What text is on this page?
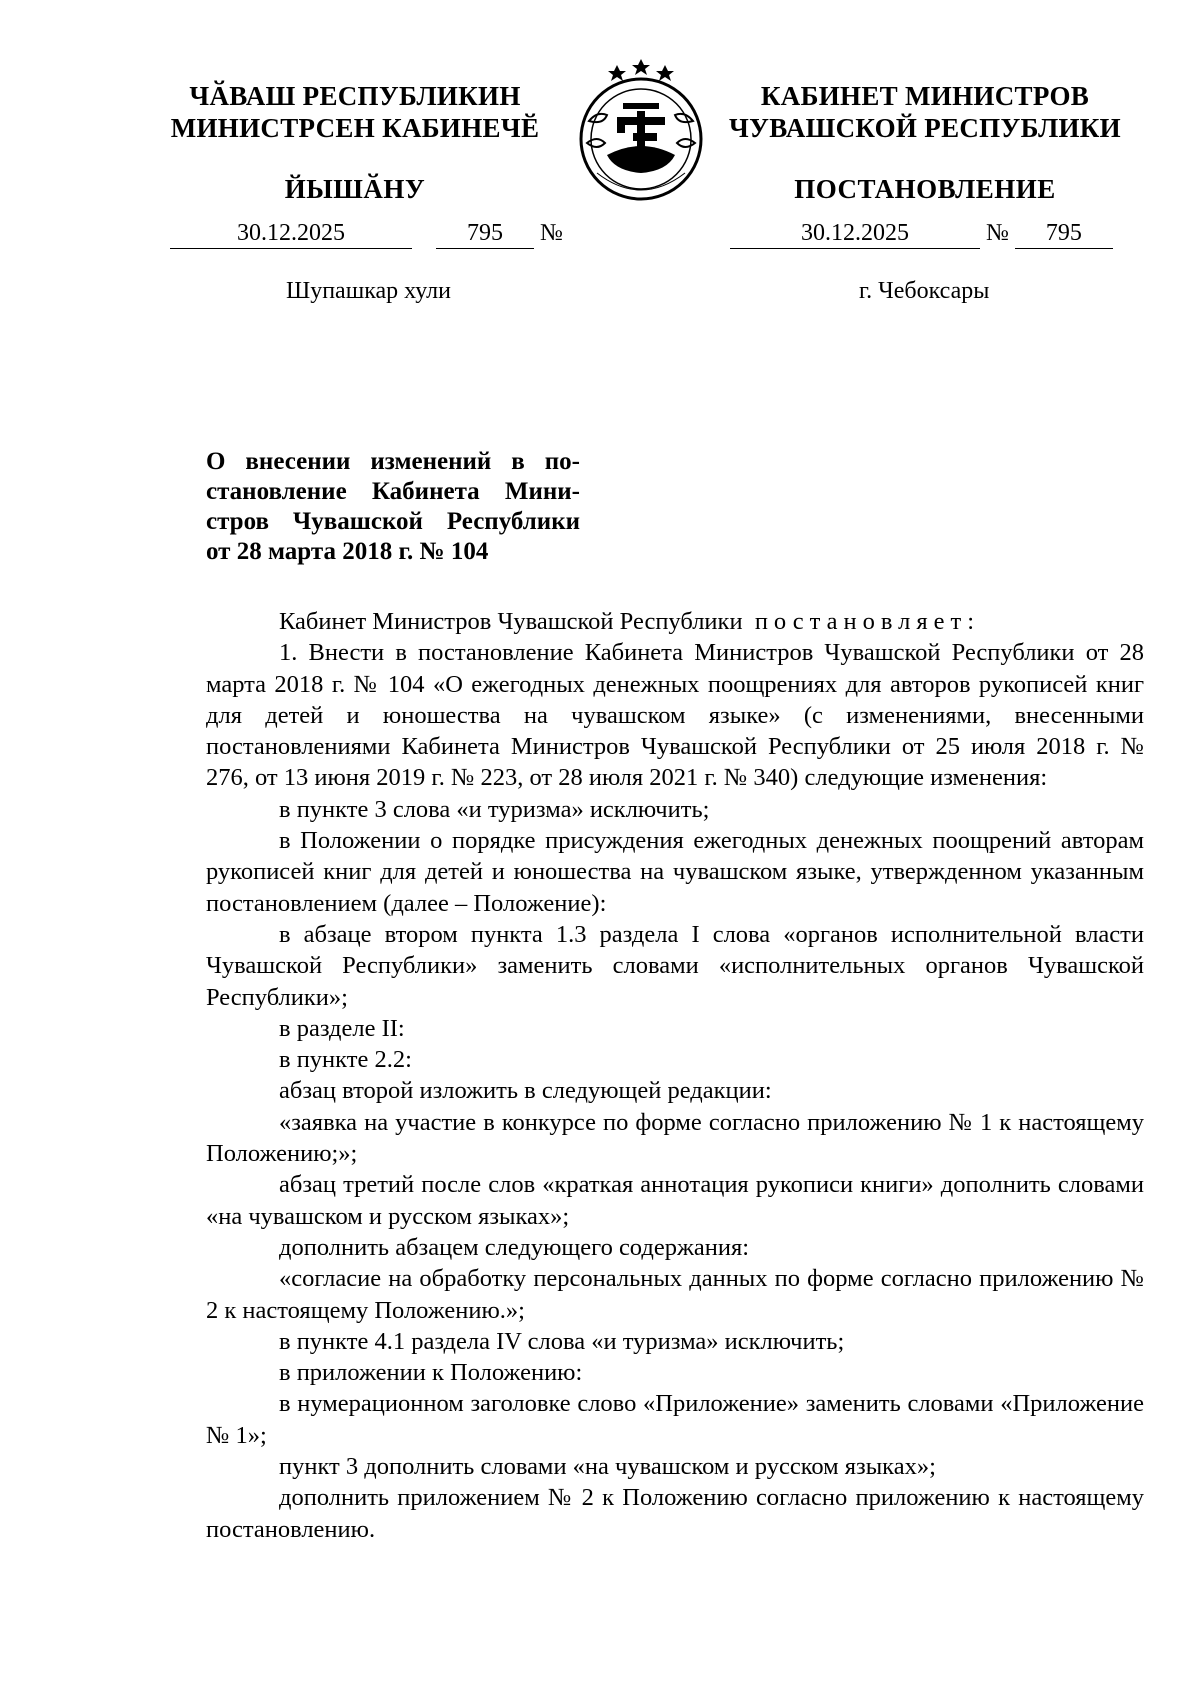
ЧӐВАШ РЕСПУБЛИКИН
МИНИСТРСЕН КАБИНЕЧӖ
ЙЫШӐНУ
КАБИНЕТ МИНИСТРОВ
ЧУВАШСКОЙ РЕСПУБЛИКИ
ПОСТАНОВЛЕНИЕ
30.12.2025	795 №	30.12.2025	№ 795
Шупашкар хули	г. Чебоксары
О внесении изменений в по-
становление Кабинета Мини-
стров Чувашской Республики
от 28 марта 2018 г. № 104

Кабинет Министров Чувашской Республики постановляет:

1. Внести в постановление Кабинета Министров Чувашской Республики от 28 марта 2018 г. № 104 «О ежегодных денежных поощрениях для авторов рукописей книг для детей и юношества на чувашском языке» (с изменениями, внесенными постановлениями Кабинета Министров Чувашской Республики от 25 июля 2018 г. № 276, от 13 июня 2019 г. № 223, от 28 июля 2021 г. № 340) следующие изменения:

в пункте 3 слова «и туризма» исключить;

в Положении о порядке присуждения ежегодных денежных поощрений авторам рукописей книг для детей и юношества на чувашском языке, утвержденном указанным постановлением (далее – Положение):

в абзаце втором пункта 1.3 раздела I слова «органов исполнительной власти Чувашской Республики» заменить словами «исполнительных органов Чувашской Республики»;

в разделе II:

в пункте 2.2:

абзац второй изложить в следующей редакции:

«заявка на участие в конкурсе по форме согласно приложению № 1 к настоящему Положению;»;

абзац третий после слов «краткая аннотация рукописи книги» дополнить словами «на чувашском и русском языках»;

дополнить абзацем следующего содержания:

«согласие на обработку персональных данных по форме согласно приложению № 2 к настоящему Положению.»;

в пункте 4.1 раздела IV слова «и туризма» исключить;

в приложении к Положению:

в нумерационном заголовке слово «Приложение» заменить словами «Приложение № 1»;

пункт 3 дополнить словами «на чувашском и русском языках»;

дополнить приложением № 2 к Положению согласно приложению к настоящему постановлению.
